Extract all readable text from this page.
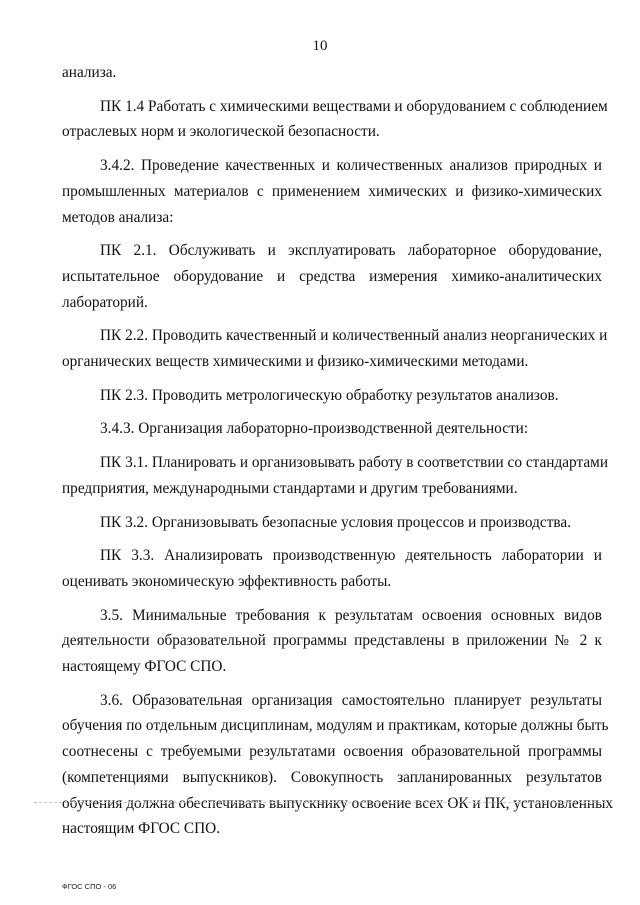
10
анализа.
ПК 1.4 Работать с химическими веществами и оборудованием с соблюдением
отраслевых норм и экологической безопасности.
3.4.2. Проведение качественных и количественных анализов природных и
промышленных материалов с применением химических и физико-химических
методов анализа:
ПК 2.1. Обслуживать и эксплуатировать лабораторное оборудование,
испытательное оборудование и средства измерения химико-аналитических
лабораторий.
ПК 2.2. Проводить качественный и количественный анализ неорганических и
органических веществ химическими и физико-химическими методами.
ПК 2.3. Проводить метрологическую обработку результатов анализов.
3.4.3. Организация лабораторно-производственной деятельности:
ПК 3.1. Планировать и организовывать работу в соответствии со стандартами
предприятия, международными стандартами и другим требованиями.
ПК 3.2. Организовывать безопасные условия процессов и производства.
ПК 3.3. Анализировать производственную деятельность лаборатории и
оценивать экономическую эффективность работы.
3.5. Минимальные требования к результатам освоения основных видов
деятельности образовательной программы представлены в приложении № 2 к
настоящему ФГОС СПО.
3.6. Образовательная организация самостоятельно планирует результаты
обучения по отдельным дисциплинам, модулям и практикам, которые должны быть
соотнесены с требуемыми результатами освоения образовательной программы
(компетенциями выпускников). Совокупность запланированных результатов
обучения должна обеспечивать выпускнику освоение всех ОК и ПК, установленных
настоящим ФГОС СПО.
ФГОС СПО - 06
